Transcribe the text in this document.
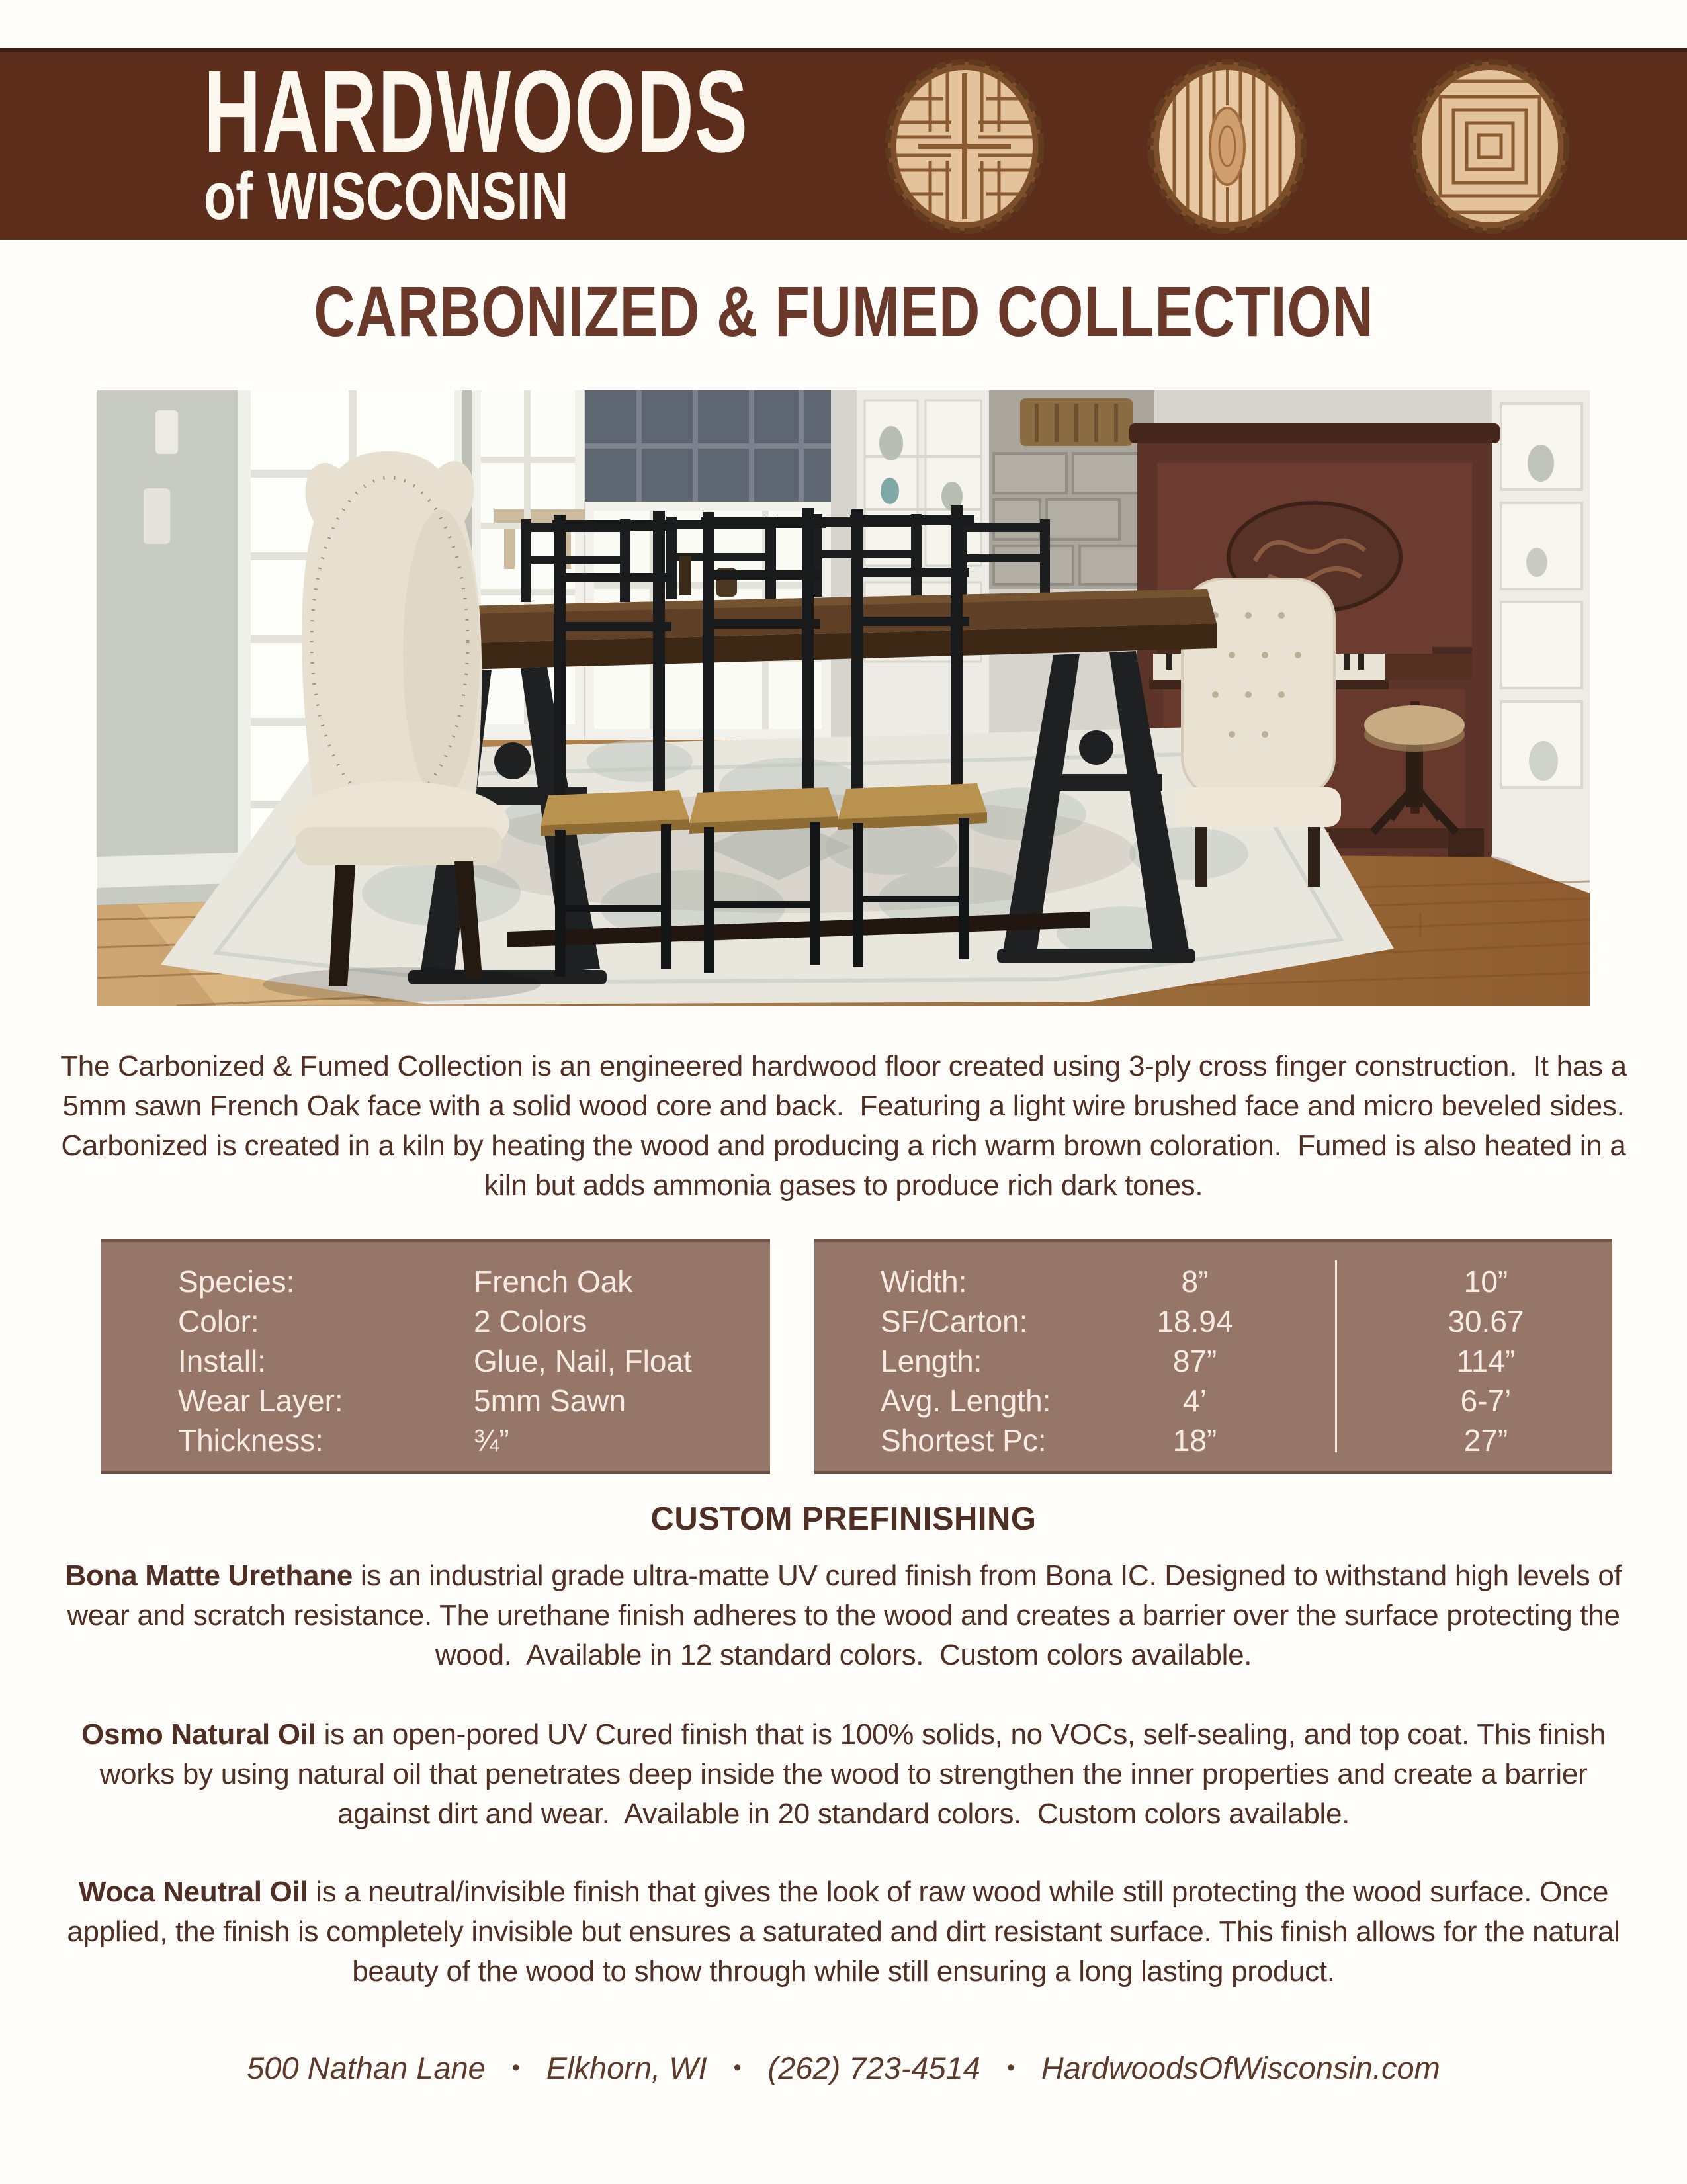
HARDWOODS
of WISCONSIN
CARBONIZED & FUMED COLLECTION
The Carbonized & Fumed Collection is an engineered hardwood floor created using 3-ply cross finger construction.  It has a 5mm sawn French Oak face with a solid wood core and back.  Featuring a light wire brushed face and micro beveled sides. Carbonized is created in a kiln by heating the wood and producing a rich warm brown coloration.  Fumed is also heated in a kiln but adds ammonia gases to produce rich dark tones.
Species:	French Oak
Color:	2 Colors
Install:	Glue, Nail, Float
Wear Layer:	5mm Sawn
Thickness:	¾”
Width:	8”	10”
SF/Carton:	18.94	30.67
Length:	87”	114”
Avg. Length:	4’	6-7’
Shortest Pc:	18”	27”
CUSTOM PREFINISHING
Bona Matte Urethane is an industrial grade ultra-matte UV cured finish from Bona IC. Designed to withstand high levels of wear and scratch resistance. The urethane finish adheres to the wood and creates a barrier over the surface protecting the wood.  Available in 12 standard colors.  Custom colors available.
Osmo Natural Oil is an open-pored UV Cured finish that is 100% solids, no VOCs, self-sealing, and top coat. This finish works by using natural oil that penetrates deep inside the wood to strengthen the inner properties and create a barrier against dirt and wear.  Available in 20 standard colors.  Custom colors available.
Woca Neutral Oil is a neutral/invisible finish that gives the look of raw wood while still protecting the wood surface. Once applied, the finish is completely invisible but ensures a saturated and dirt resistant surface. This finish allows for the natural beauty of the wood to show through while still ensuring a long lasting product.
500 Nathan Lane • Elkhorn, WI • (262) 723-4514 • HardwoodsOfWisconsin.com
